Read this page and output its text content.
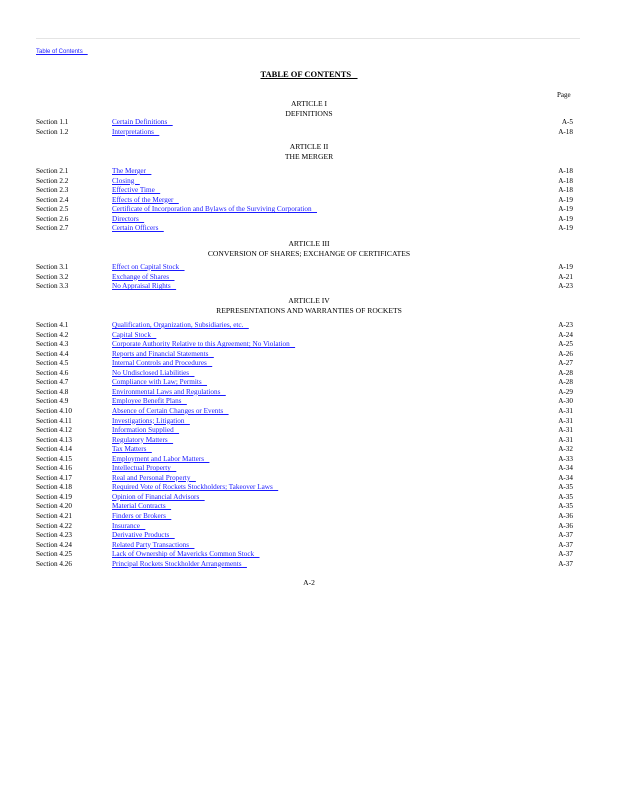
Table of Contents
TABLE OF CONTENTS
Page
ARTICLE I
DEFINITIONS
Section 1.1	Certain Definitions	A-5
Section 1.2	Interpretations	A-18
ARTICLE II
THE MERGER
Section 2.1	The Merger	A-18
Section 2.2	Closing	A-18
Section 2.3	Effective Time	A-18
Section 2.4	Effects of the Merger	A-19
Section 2.5	Certificate of Incorporation and Bylaws of the Surviving Corporation	A-19
Section 2.6	Directors	A-19
Section 2.7	Certain Officers	A-19
ARTICLE III
CONVERSION OF SHARES; EXCHANGE OF CERTIFICATES
Section 3.1	Effect on Capital Stock	A-19
Section 3.2	Exchange of Shares	A-21
Section 3.3	No Appraisal Rights	A-23
ARTICLE IV
REPRESENTATIONS AND WARRANTIES OF ROCKETS
Section 4.1	Qualification, Organization, Subsidiaries, etc.	A-23
Section 4.2	Capital Stock	A-24
Section 4.3	Corporate Authority Relative to this Agreement; No Violation	A-25
Section 4.4	Reports and Financial Statements	A-26
Section 4.5	Internal Controls and Procedures	A-27
Section 4.6	No Undisclosed Liabilities	A-28
Section 4.7	Compliance with Law; Permits	A-28
Section 4.8	Environmental Laws and Regulations	A-29
Section 4.9	Employee Benefit Plans	A-30
Section 4.10	Absence of Certain Changes or Events	A-31
Section 4.11	Investigations; Litigation	A-31
Section 4.12	Information Supplied	A-31
Section 4.13	Regulatory Matters	A-31
Section 4.14	Tax Matters	A-32
Section 4.15	Employment and Labor Matters	A-33
Section 4.16	Intellectual Property	A-34
Section 4.17	Real and Personal Property	A-34
Section 4.18	Required Vote of Rockets Stockholders; Takeover Laws	A-35
Section 4.19	Opinion of Financial Advisors	A-35
Section 4.20	Material Contracts	A-35
Section 4.21	Finders or Brokers	A-36
Section 4.22	Insurance	A-36
Section 4.23	Derivative Products	A-37
Section 4.24	Related Party Transactions	A-37
Section 4.25	Lack of Ownership of Mavericks Common Stock	A-37
Section 4.26	Principal Rockets Stockholder Arrangements	A-37
A-2
